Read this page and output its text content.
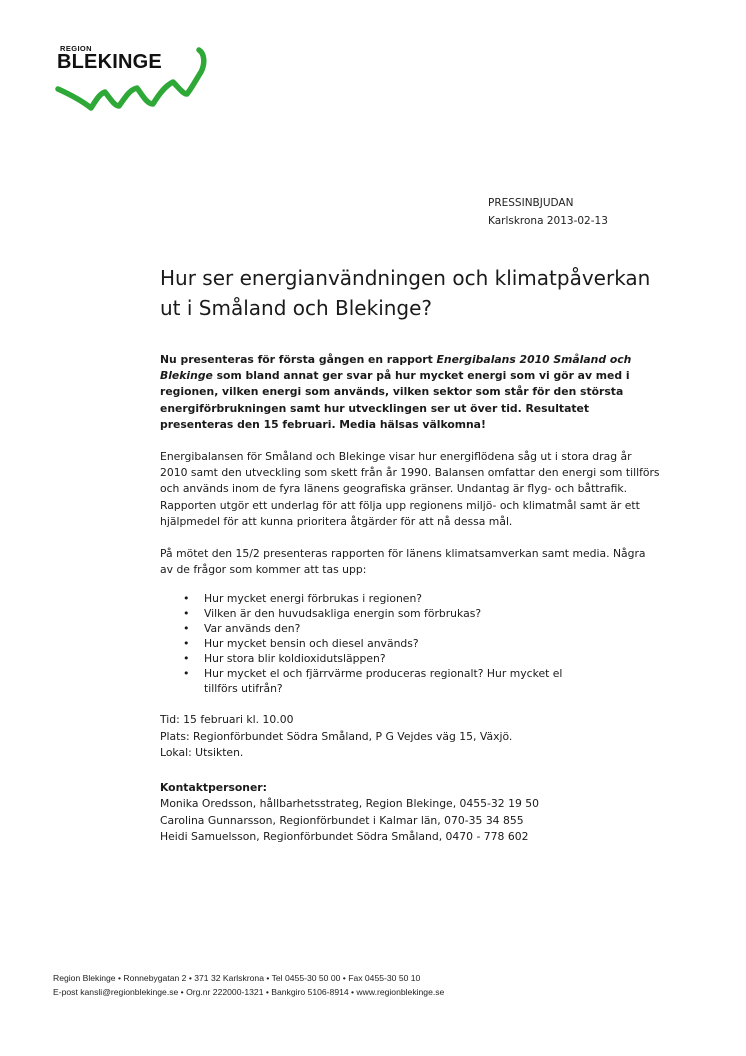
REGION
BLEKINGE
PRESSINBJUDAN
Karlskrona 2013-02-13
Hur ser energianvändningen och klimatpåverkan
ut i Småland och Blekinge?

Nu presenteras för första gången en rapport Energibalans 2010 Småland och Blekinge som bland annat ger svar på hur mycket energi som vi gör av med i regionen, vilken energi som används, vilken sektor som står för den största energiförbrukningen samt hur utvecklingen ser ut över tid. Resultatet presenteras den 15 februari. Media hälsas välkomna!

Energibalansen för Småland och Blekinge visar hur energiflödena såg ut i stora drag år 2010 samt den utveckling som skett från år 1990. Balansen omfattar den energi som tillförs och används inom de fyra länens geografiska gränser. Undantag är flyg- och båttrafik. Rapporten utgör ett underlag för att följa upp regionens miljö- och klimatmål samt är ett hjälpmedel för att kunna prioritera åtgärder för att nå dessa mål.

På mötet den 15/2 presenteras rapporten för länens klimatsamverkan samt media. Några av de frågor som kommer att tas upp:

• Hur mycket energi förbrukas i regionen?
• Vilken är den huvudsakliga energin som förbrukas?
• Var används den?
• Hur mycket bensin och diesel används?
• Hur stora blir koldioxidutsläppen?
• Hur mycket el och fjärrvärme produceras regionalt? Hur mycket el tillförs utifrån?
Tid: 15 februari kl. 10.00
Plats: Regionförbundet Södra Småland, P G Vejdes väg 15, Växjö.
Lokal: Utsikten.
Kontaktpersoner:
Monika Oredsson, hållbarhetsstrateg, Region Blekinge, 0455-32 19 50
Carolina Gunnarsson, Regionförbundet i Kalmar län, 070-35 34 855
Heidi Samuelsson, Regionförbundet Södra Småland, 0470 - 778 602
Region Blekinge • Ronnebygatan 2 • 371 32 Karlskrona • Tel 0455-30 50 00 • Fax 0455-30 50 10
E-post kansli@regionblekinge.se • Org.nr 222000-1321 • Bankgiro 5106-8914 • www.regionblekinge.se
